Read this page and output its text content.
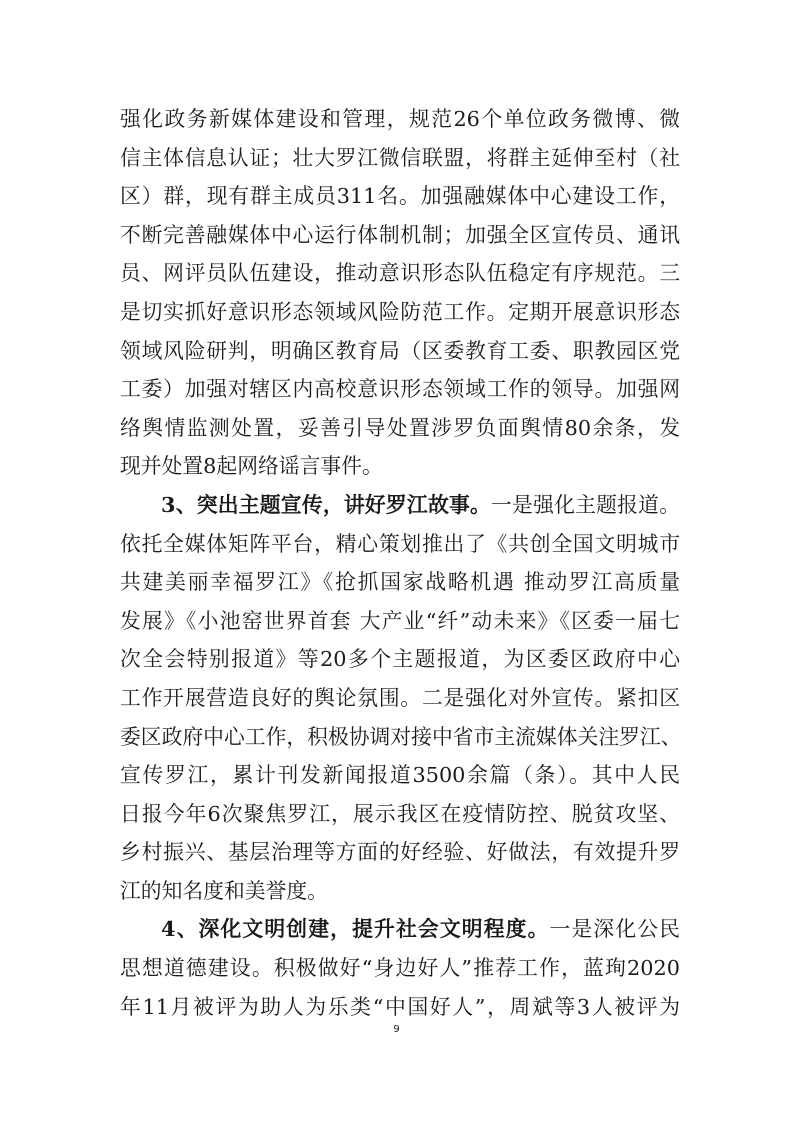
强化政务新媒体建设和管理，规范26个单位政务微博、微
信主体信息认证；壮大罗江微信联盟，将群主延伸至村（社
区）群，现有群主成员311名。加强融媒体中心建设工作，
不断完善融媒体中心运行体制机制；加强全区宣传员、通讯
员、网评员队伍建设，推动意识形态队伍稳定有序规范。三
是切实抓好意识形态领域风险防范工作。定期开展意识形态
领域风险研判，明确区教育局（区委教育工委、职教园区党
工委）加强对辖区内高校意识形态领域工作的领导。加强网
络舆情监测处置，妥善引导处置涉罗负面舆情80余条，发
现并处置8起网络谣言事件。
3、突出主题宣传，讲好罗江故事。一是强化主题报道。
依托全媒体矩阵平台，精心策划推出了《共创全国文明城市
共建美丽幸福罗江》《抢抓国家战略机遇 推动罗江高质量
发展》《小池窑世界首套 大产业“纤”动未来》《区委一届七
次全会特别报道》等20多个主题报道，为区委区政府中心
工作开展营造良好的舆论氛围。二是强化对外宣传。紧扣区
委区政府中心工作，积极协调对接中省市主流媒体关注罗江、
宣传罗江，累计刊发新闻报道3500余篇（条）。其中人民
日报今年6次聚焦罗江，展示我区在疫情防控、脱贫攻坚、
乡村振兴、基层治理等方面的好经验、好做法，有效提升罗
江的知名度和美誉度。
4、深化文明创建，提升社会文明程度。一是深化公民
思想道德建设。积极做好“身边好人”推荐工作，蓝珣2020
年11月被评为助人为乐类“中国好人”，周斌等3人被评为
9
